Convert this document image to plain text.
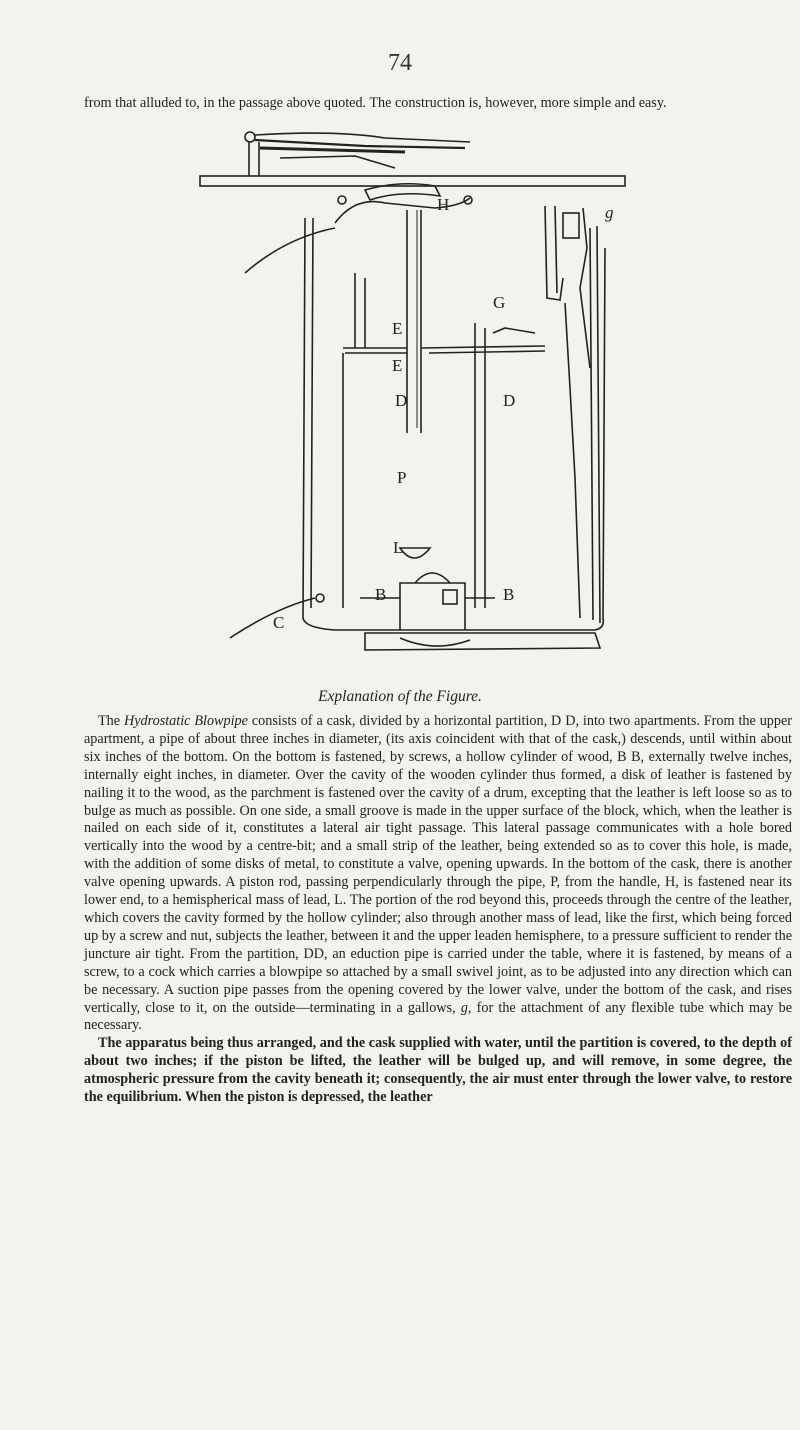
74

from that alluded to, in the passage above quoted. The construction is, however, more simple and easy.

H
G
g
E
E
D	D
P
L
B	B
C

Explanation of the Figure.

The Hydrostatic Blowpipe consists of a cask, divided by a horizontal partition, D D, into two apartments. From the upper apartment, a pipe of about three inches in diameter, (its axis coincident with that of the cask,) descends, until within about six inches of the bottom. On the bottom is fastened, by screws, a hollow cylinder of wood, B B, externally twelve inches, internally eight inches, in diameter. Over the cavity of the wooden cylinder thus formed, a disk of leather is fastened by nailing it to the wood, as the parchment is fastened over the cavity of a drum, excepting that the leather is left loose so as to bulge as much as possible. On one side, a small groove is made in the upper surface of the block, which, when the leather is nailed on each side of it, constitutes a lateral air tight passage. This lateral passage communicates with a hole bored vertically into the wood by a centre-bit; and a small strip of the leather, being extended so as to cover this hole, is made, with the addition of some disks of metal, to constitute a valve, opening upwards. In the bottom of the cask, there is another valve opening upwards. A piston rod, passing perpendicularly through the pipe, P, from the handle, H, is fastened near its lower end, to a hemispherical mass of lead, L. The portion of the rod beyond this, proceeds through the centre of the leather, which covers the cavity formed by the hollow cylinder; also through another mass of lead, like the first, which being forced up by a screw and nut, subjects the leather, between it and the upper leaden hemisphere, to a pressure sufficient to render the juncture air tight. From the partition, DD, an eduction pipe is carried under the table, where it is fastened, by means of a screw, to a cock which carries a blowpipe so attached by a small swivel joint, as to be adjusted into any direction which can be necessary. A suction pipe passes from the opening covered by the lower valve, under the bottom of the cask, and rises vertically, close to it, on the outside—terminating in a gallows, g, for the attachment of any flexible tube which may be necessary.

The apparatus being thus arranged, and the cask supplied with water, until the partition is covered, to the depth of about two inches; if the piston be lifted, the leather will be bulged up, and will remove, in some degree, the atmospheric pressure from the cavity beneath it; consequently, the air must enter through the lower valve, to restore the equilibrium. When the piston is depressed, the leather
